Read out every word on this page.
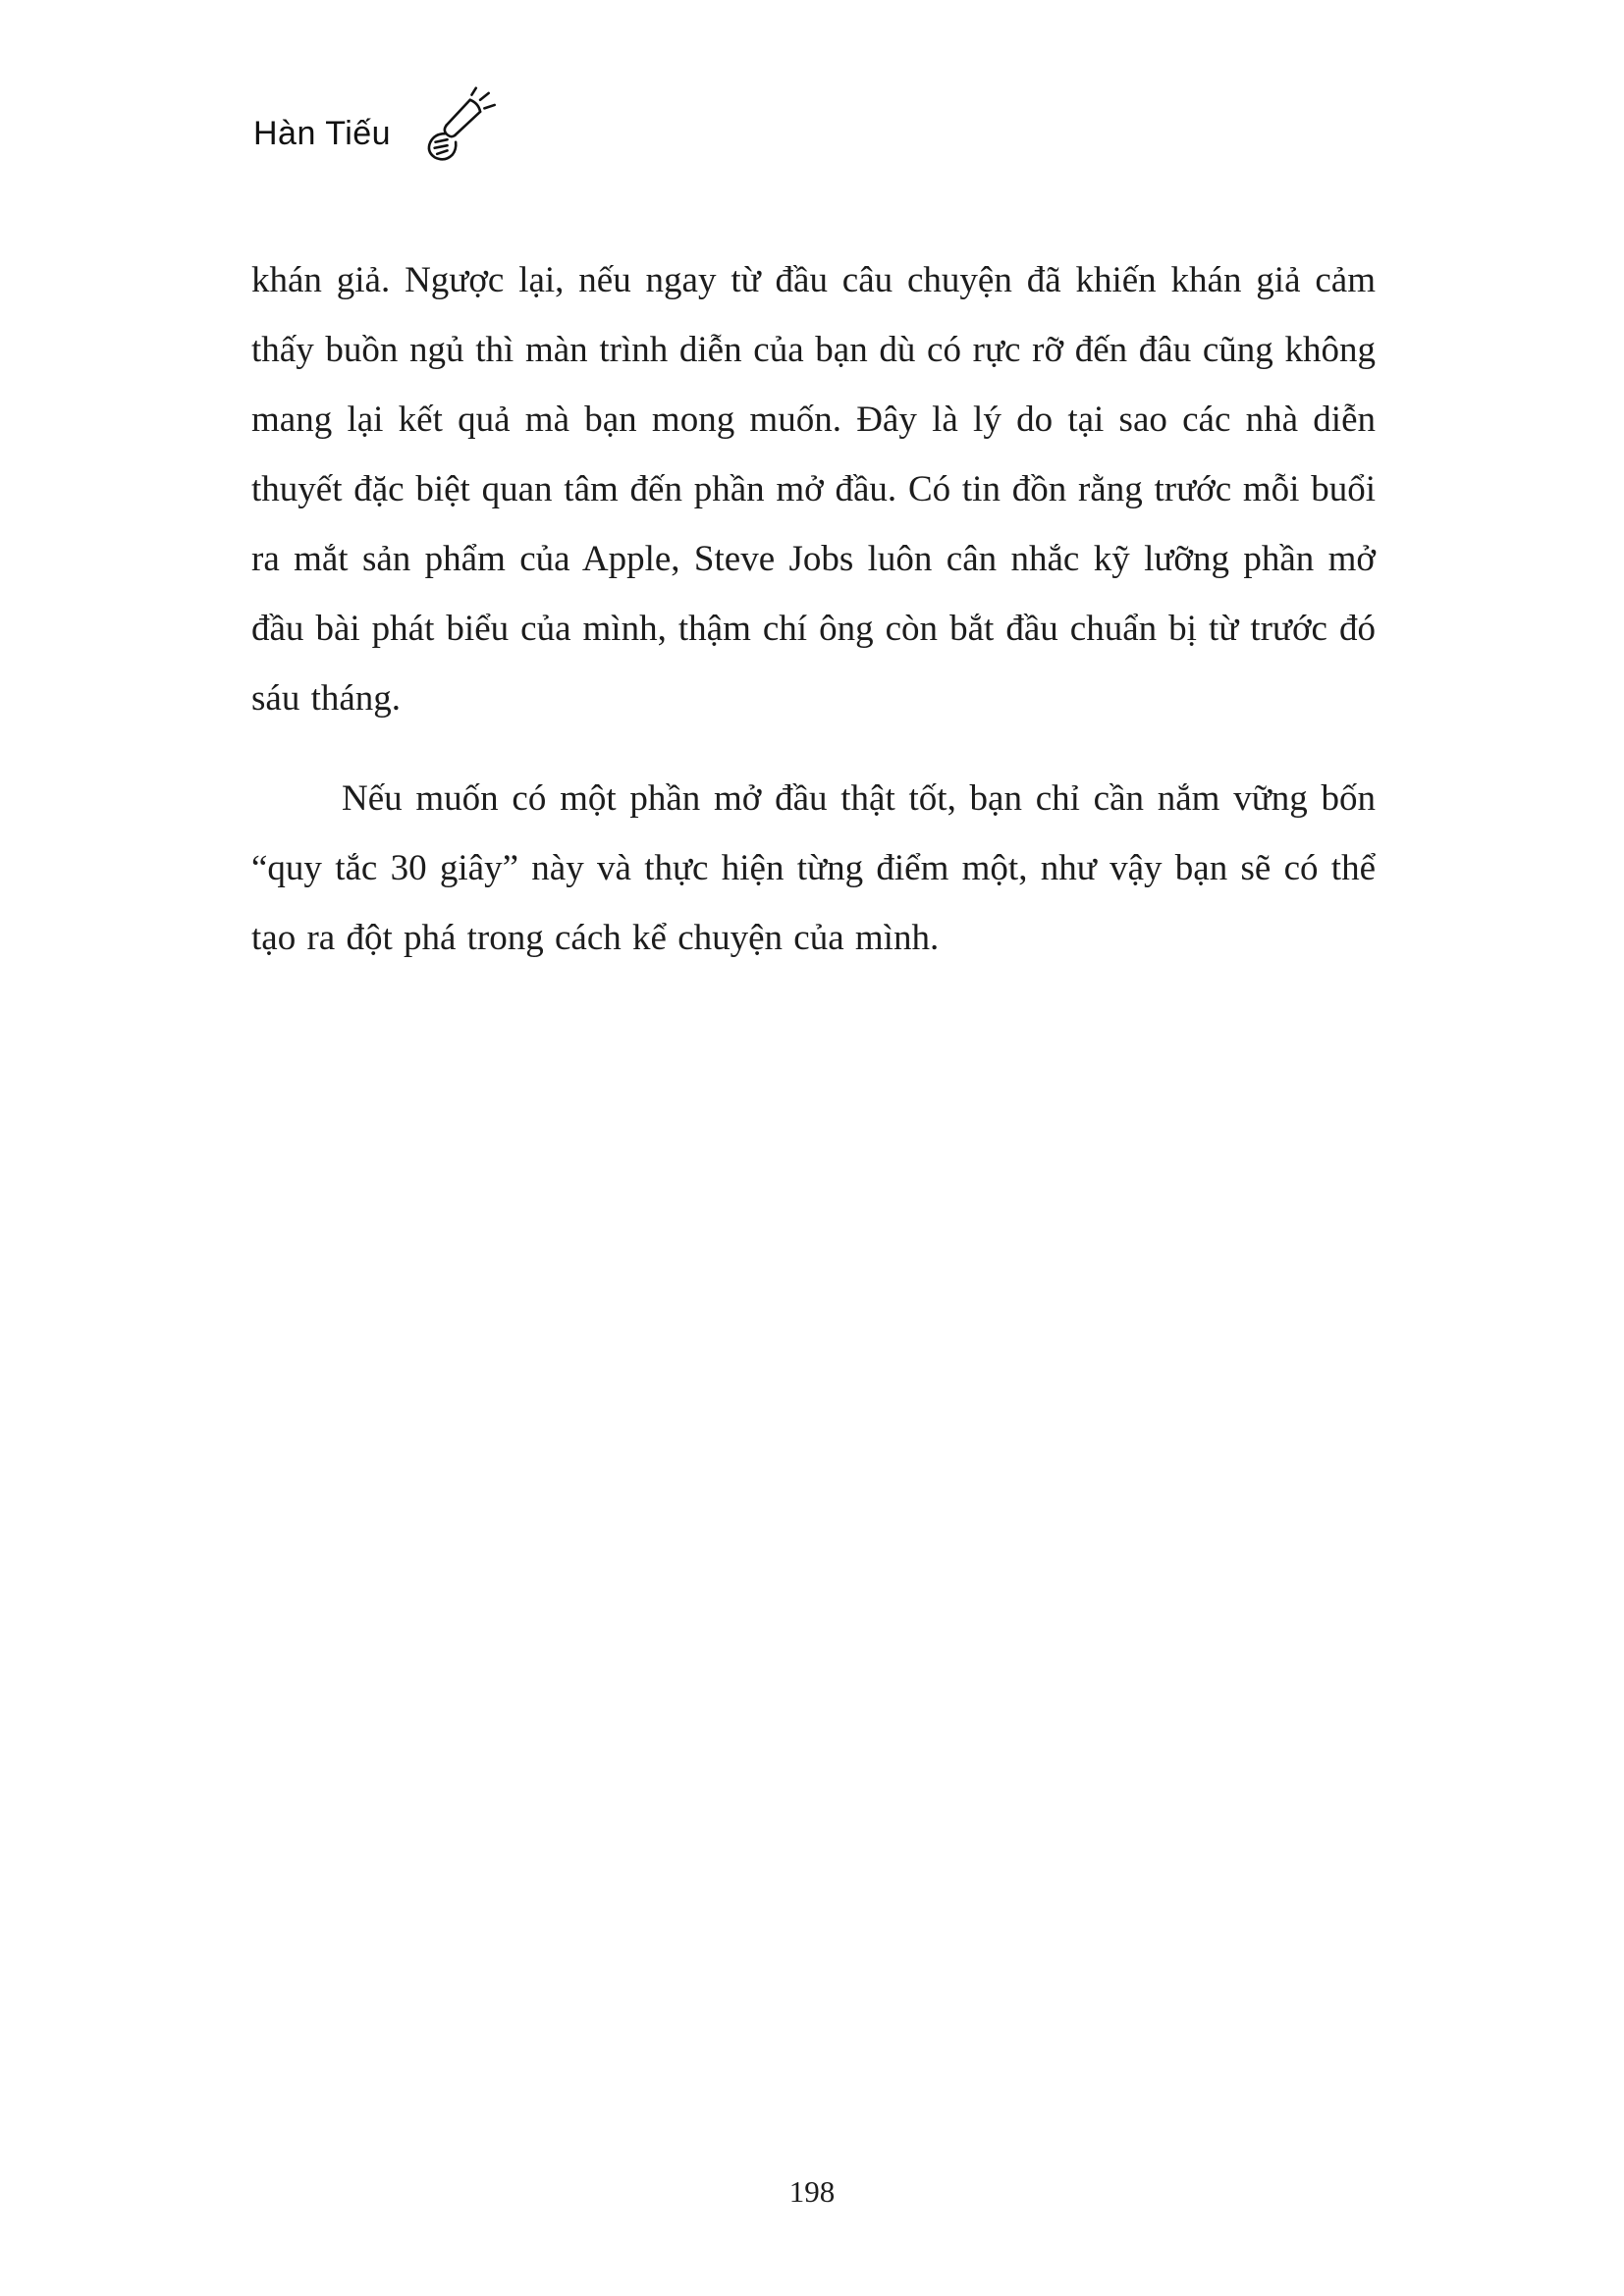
Hàn Tiếu

khán giả. Ngược lại, nếu ngay từ đầu câu chuyện đã khiến khán giả cảm thấy buồn ngủ thì màn trình diễn của bạn dù có rực rỡ đến đâu cũng không mang lại kết quả mà bạn mong muốn. Đây là lý do tại sao các nhà diễn thuyết đặc biệt quan tâm đến phần mở đầu. Có tin đồn rằng trước mỗi buổi ra mắt sản phẩm của Apple, Steve Jobs luôn cân nhắc kỹ lưỡng phần mở đầu bài phát biểu của mình, thậm chí ông còn bắt đầu chuẩn bị từ trước đó sáu tháng.

Nếu muốn có một phần mở đầu thật tốt, bạn chỉ cần nắm vững bốn “quy tắc 30 giây” này và thực hiện từng điểm một, như vậy bạn sẽ có thể tạo ra đột phá trong cách kể chuyện của mình.

198
